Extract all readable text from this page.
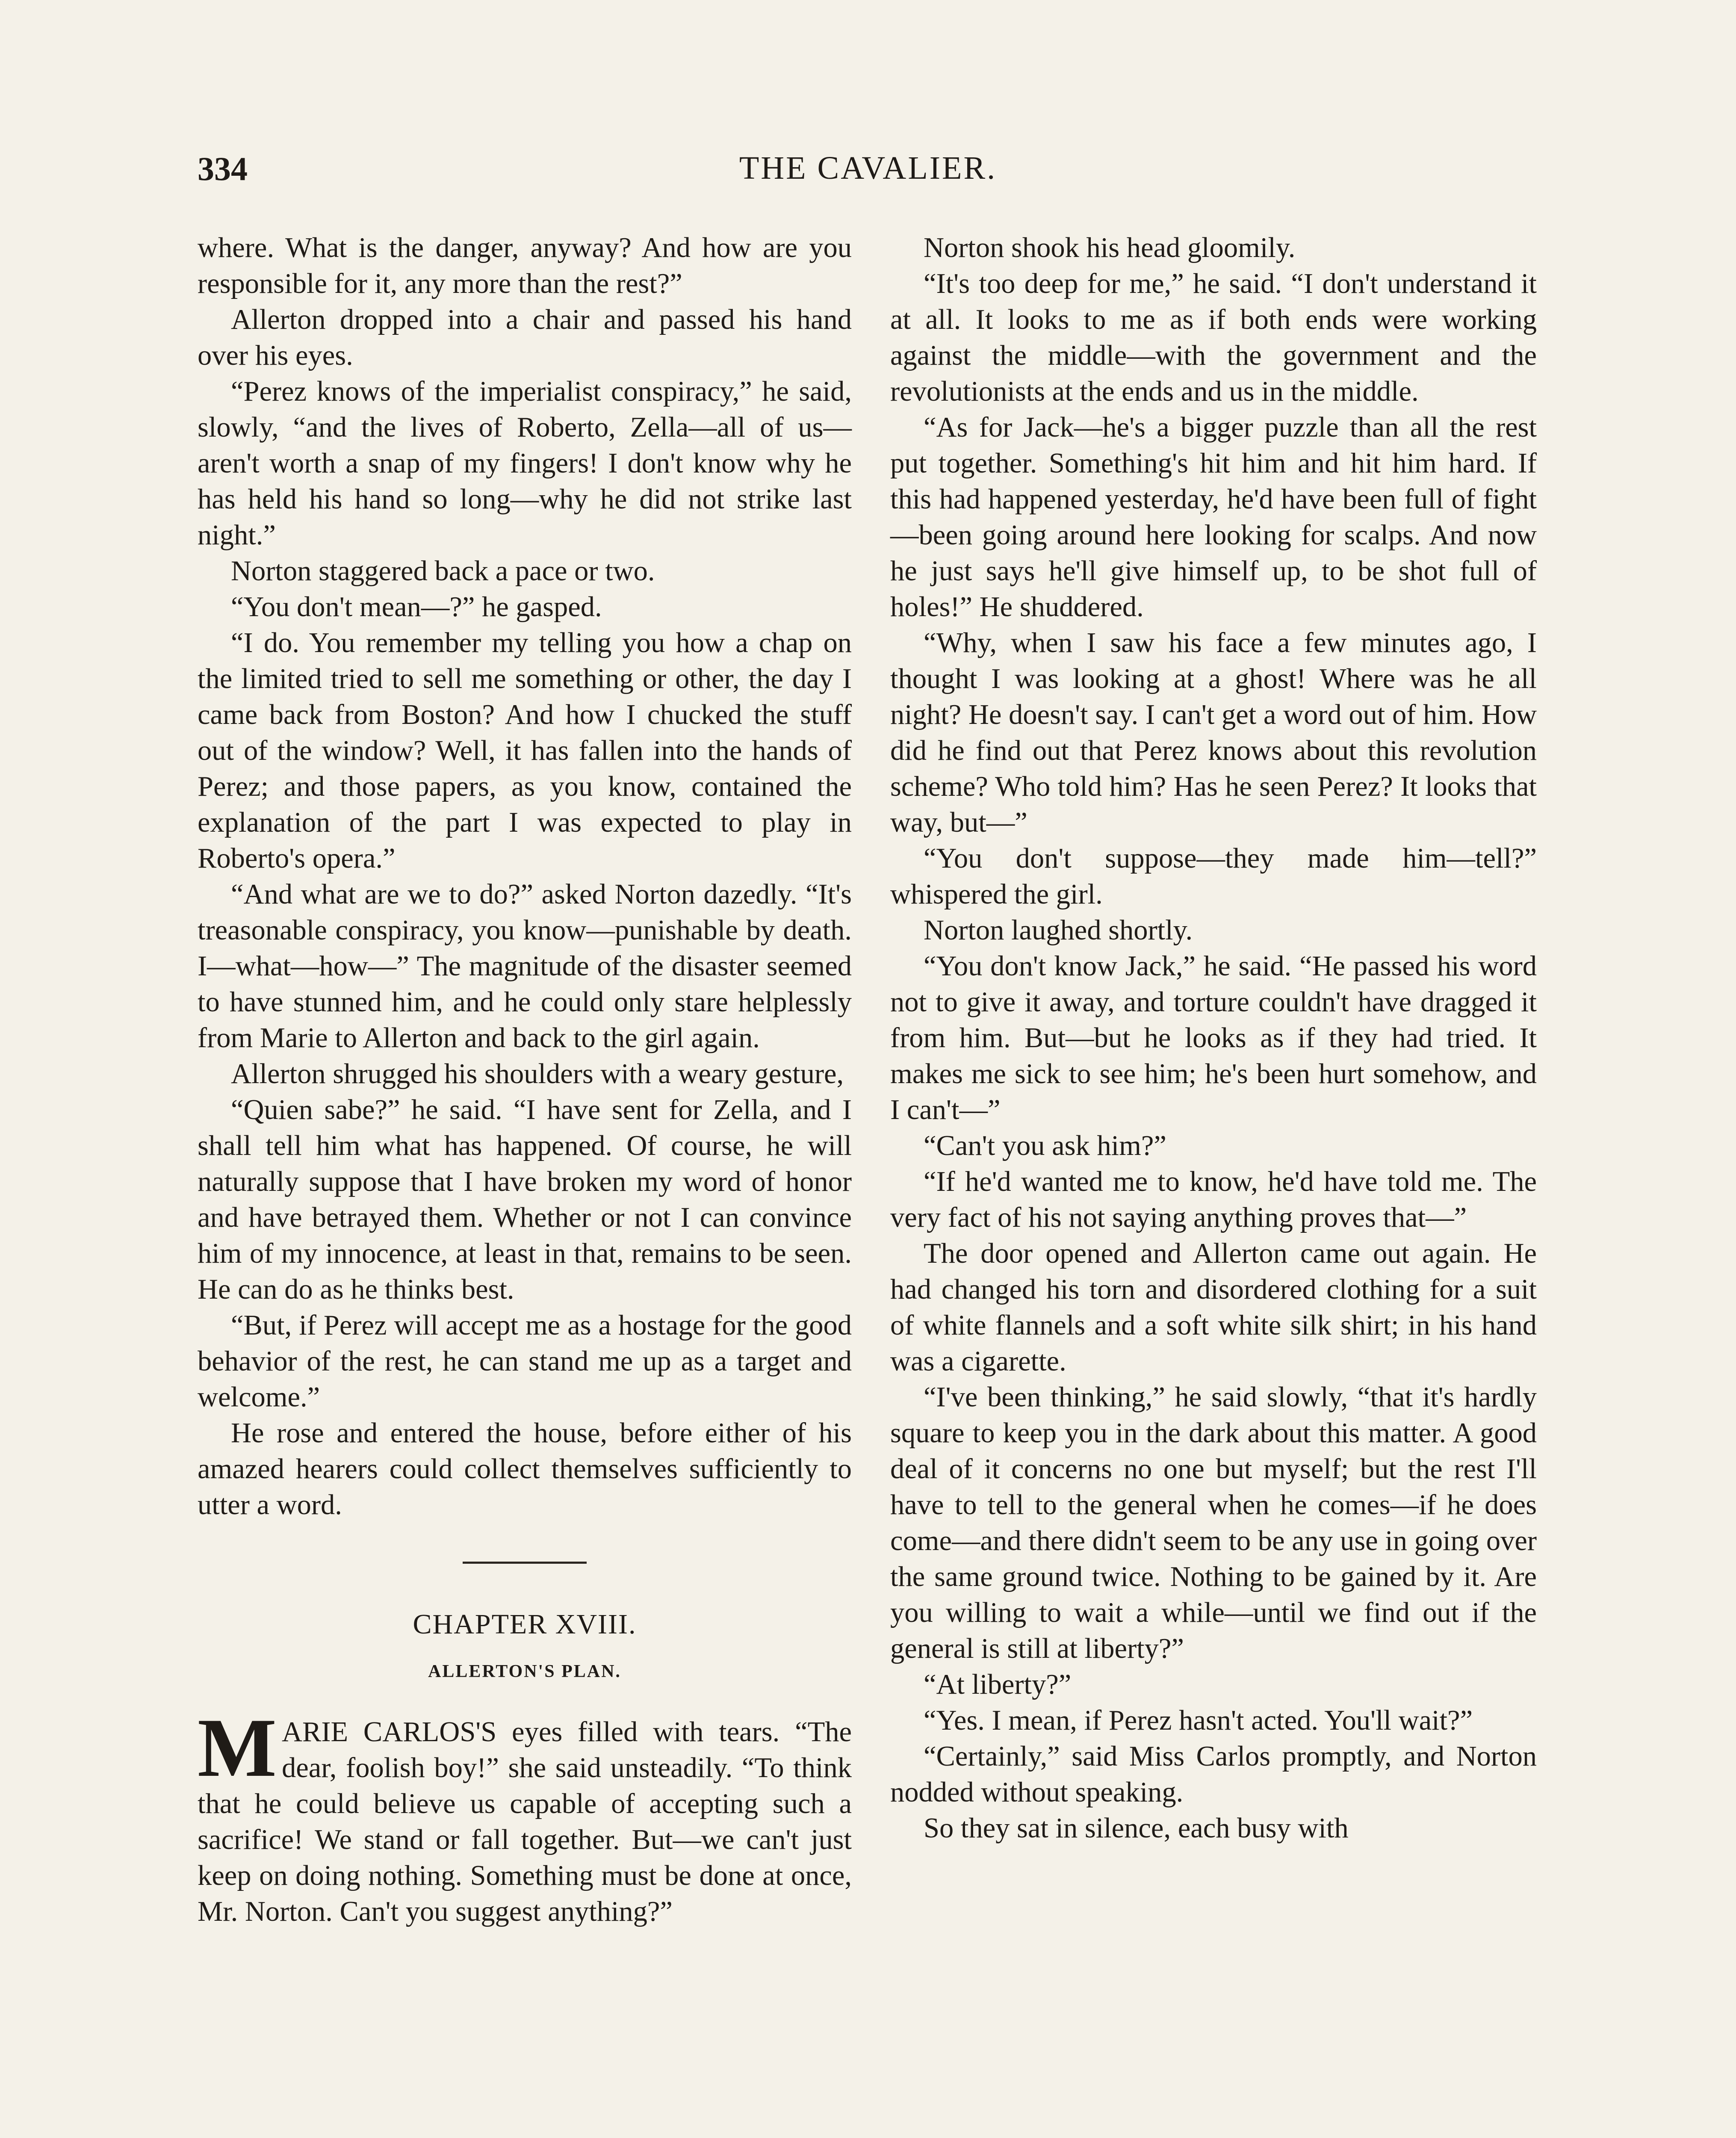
334	THE CAVALIER.

where. What is the danger, anyway? And how are you responsible for it, any more than the rest?”

Allerton dropped into a chair and passed his hand over his eyes.

“Perez knows of the imperialist conspiracy,” he said, slowly, “and the lives of Roberto, Zella—all of us—aren't worth a snap of my fingers! I don't know why he has held his hand so long—why he did not strike last night.”

Norton staggered back a pace or two.

“You don't mean—?” he gasped.

“I do. You remember my telling you how a chap on the limited tried to sell me something or other, the day I came back from Boston? And how I chucked the stuff out of the window? Well, it has fallen into the hands of Perez; and those papers, as you know, contained the explanation of the part I was expected to play in Roberto's opera.”

“And what are we to do?” asked Norton dazedly. “It's treasonable conspiracy, you know—punishable by death. I—what—how—” The magnitude of the disaster seemed to have stunned him, and he could only stare helplessly from Marie to Allerton and back to the girl again.

Allerton shrugged his shoulders with a weary gesture,

“Quien sabe?” he said. “I have sent for Zella, and I shall tell him what has happened. Of course, he will naturally suppose that I have broken my word of honor and have betrayed them. Whether or not I can convince him of my innocence, at least in that, remains to be seen. He can do as he thinks best.

“But, if Perez will accept me as a hostage for the good behavior of the rest, he can stand me up as a target and welcome.”

He rose and entered the house, before either of his amazed hearers could collect themselves sufficiently to utter a word.

CHAPTER XVIII.
ALLERTON'S PLAN.

MARIE CARLOS'S eyes filled with tears. “The dear, foolish boy!” she said unsteadily. “To think that he could believe us capable of accepting such a sacrifice! We stand or fall together. But—we can't just keep on doing nothing. Something must be done at once, Mr. Norton. Can't you suggest anything?”

Norton shook his head gloomily.

“It's too deep for me,” he said. “I don't understand it at all. It looks to me as if both ends were working against the middle—with the government and the revolutionists at the ends and us in the middle.

“As for Jack—he's a bigger puzzle than all the rest put together. Something's hit him and hit him hard. If this had happened yesterday, he'd have been full of fight—been going around here looking for scalps. And now he just says he'll give himself up, to be shot full of holes!” He shuddered.

“Why, when I saw his face a few minutes ago, I thought I was looking at a ghost! Where was he all night? He doesn't say. I can't get a word out of him. How did he find out that Perez knows about this revolution scheme? Who told him? Has he seen Perez? It looks that way, but—”

“You don't suppose—they made him—tell?” whispered the girl.

Norton laughed shortly.

“You don't know Jack,” he said. “He passed his word not to give it away, and torture couldn't have dragged it from him. But—but he looks as if they had tried. It makes me sick to see him; he's been hurt somehow, and I can't—”

“Can't you ask him?”

“If he'd wanted me to know, he'd have told me. The very fact of his not saying anything proves that—”

The door opened and Allerton came out again. He had changed his torn and disordered clothing for a suit of white flannels and a soft white silk shirt; in his hand was a cigarette.

“I've been thinking,” he said slowly, “that it's hardly square to keep you in the dark about this matter. A good deal of it concerns no one but myself; but the rest I'll have to tell to the general when he comes—if he does come—and there didn't seem to be any use in going over the same ground twice. Nothing to be gained by it. Are you willing to wait a while—until we find out if the general is still at liberty?”

“At liberty?”

“Yes. I mean, if Perez hasn't acted. You'll wait?”

“Certainly,” said Miss Carlos promptly, and Norton nodded without speaking.

So they sat in silence, each busy with
